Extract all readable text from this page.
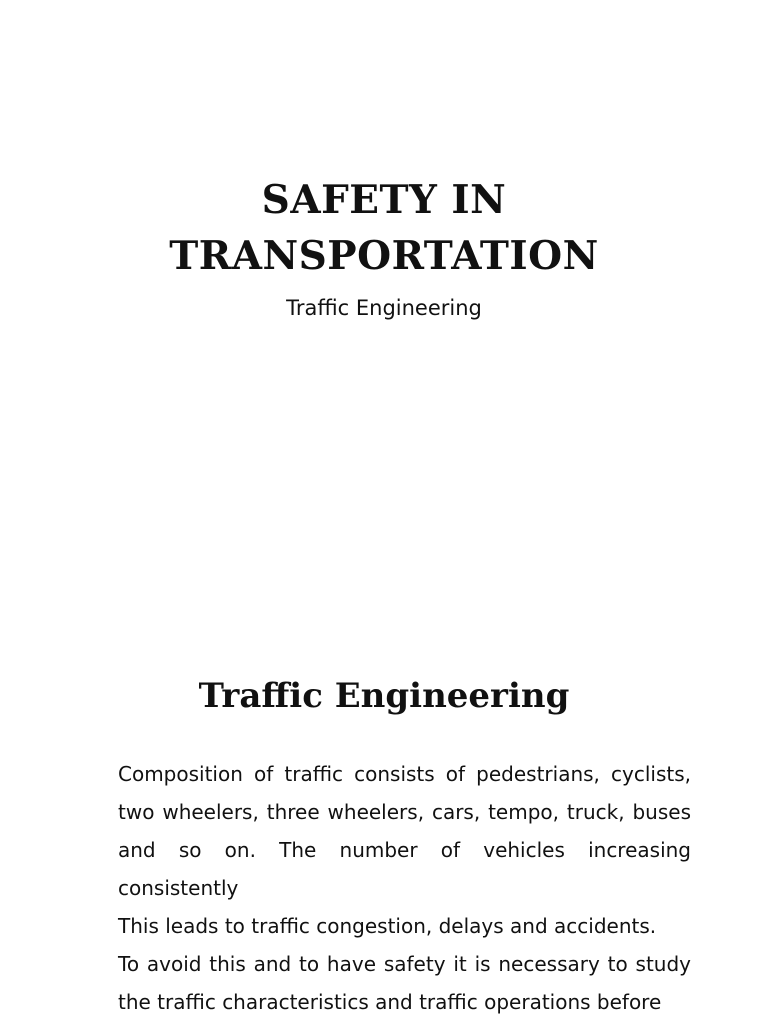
SAFETY IN
TRANSPORTATION

Traffic Engineering

Traffic Engineering

Composition of traffic consists of pedestrians, cyclists, two wheelers, three wheelers, cars, tempo, truck, buses and so on. The number of vehicles increasing consistently

This leads to traffic congestion, delays and accidents.

To avoid this and to have safety it is necessary to study the traffic characteristics and traffic operations before
